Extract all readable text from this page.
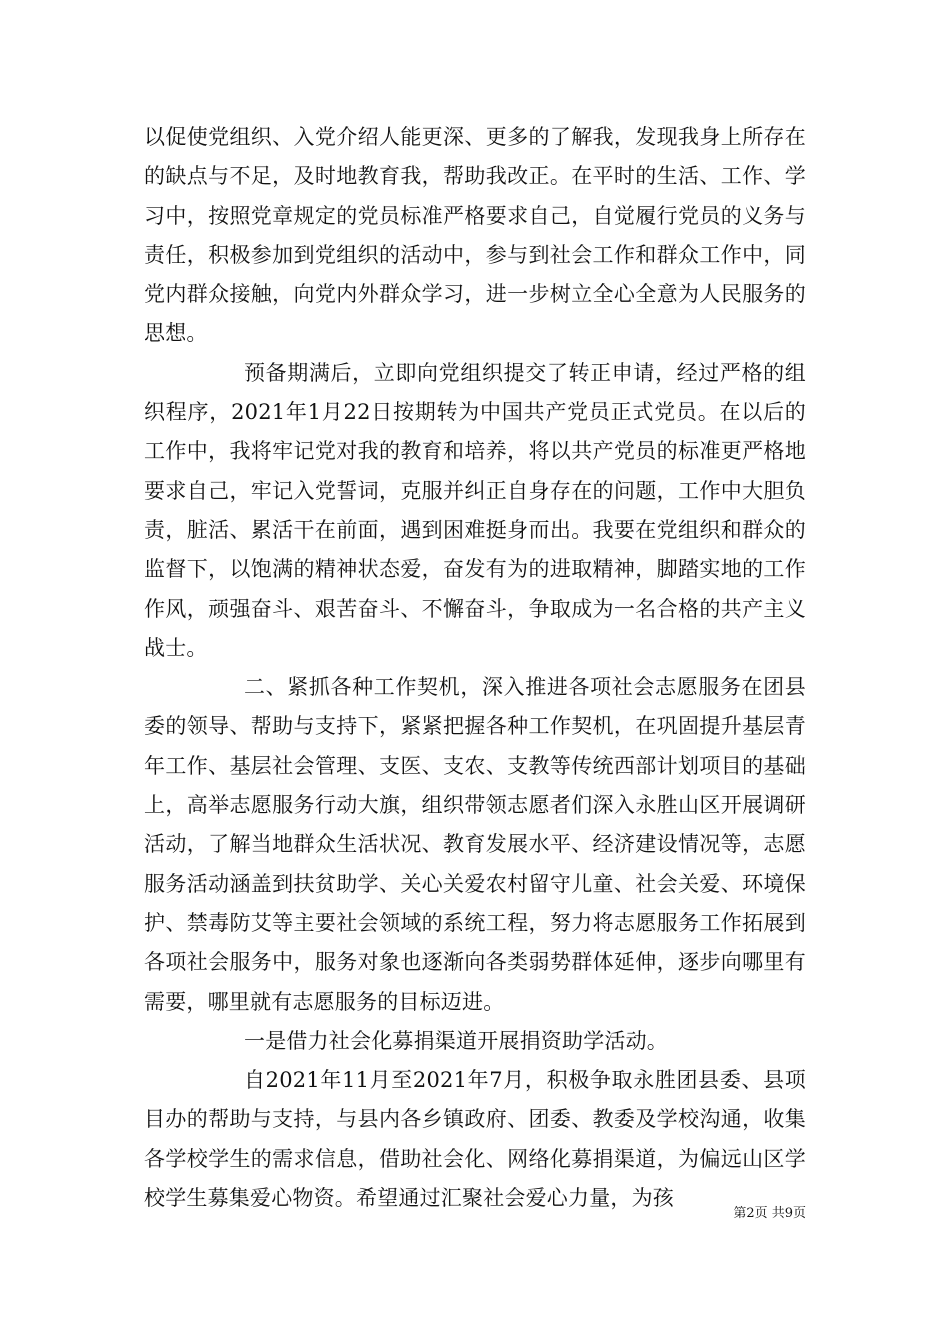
以促使党组织、入党介绍人能更深、更多的了解我，发现我身上所存在的缺点与不足，及时地教育我，帮助我改正。在平时的生活、工作、学习中，按照党章规定的党员标准严格要求自己，自觉履行党员的义务与责任，积极参加到党组织的活动中，参与到社会工作和群众工作中，同党内群众接触，向党内外群众学习，进一步树立全心全意为人民服务的思想。

预备期满后，立即向党组织提交了转正申请，经过严格的组织程序，2021年1月22日按期转为中国共产党员正式党员。在以后的工作中，我将牢记党对我的教育和培养，将以共产党员的标准更严格地要求自己，牢记入党誓词，克服并纠正自身存在的问题，工作中大胆负责，脏活、累活干在前面，遇到困难挺身而出。我要在党组织和群众的监督下，以饱满的精神状态爱，奋发有为的进取精神，脚踏实地的工作作风，顽强奋斗、艰苦奋斗、不懈奋斗，争取成为一名合格的共产主义战士。

二、紧抓各种工作契机，深入推进各项社会志愿服务在团县委的领导、帮助与支持下，紧紧把握各种工作契机，在巩固提升基层青年工作、基层社会管理、支医、支农、支教等传统西部计划项目的基础上，高举志愿服务行动大旗，组织带领志愿者们深入永胜山区开展调研活动，了解当地群众生活状况、教育发展水平、经济建设情况等，志愿服务活动涵盖到扶贫助学、关心关爱农村留守儿童、社会关爱、环境保护、禁毒防艾等主要社会领域的系统工程，努力将志愿服务工作拓展到各项社会服务中，服务对象也逐渐向各类弱势群体延伸，逐步向哪里有需要，哪里就有志愿服务的目标迈进。

一是借力社会化募捐渠道开展捐资助学活动。

自2021年11月至2021年7月，积极争取永胜团县委、县项目办的帮助与支持，与县内各乡镇政府、团委、教委及学校沟通，收集各学校学生的需求信息，借助社会化、网络化募捐渠道，为偏远山区学校学生募集爱心物资。希望通过汇聚社会爱心力量，为孩

第2页 共9页
